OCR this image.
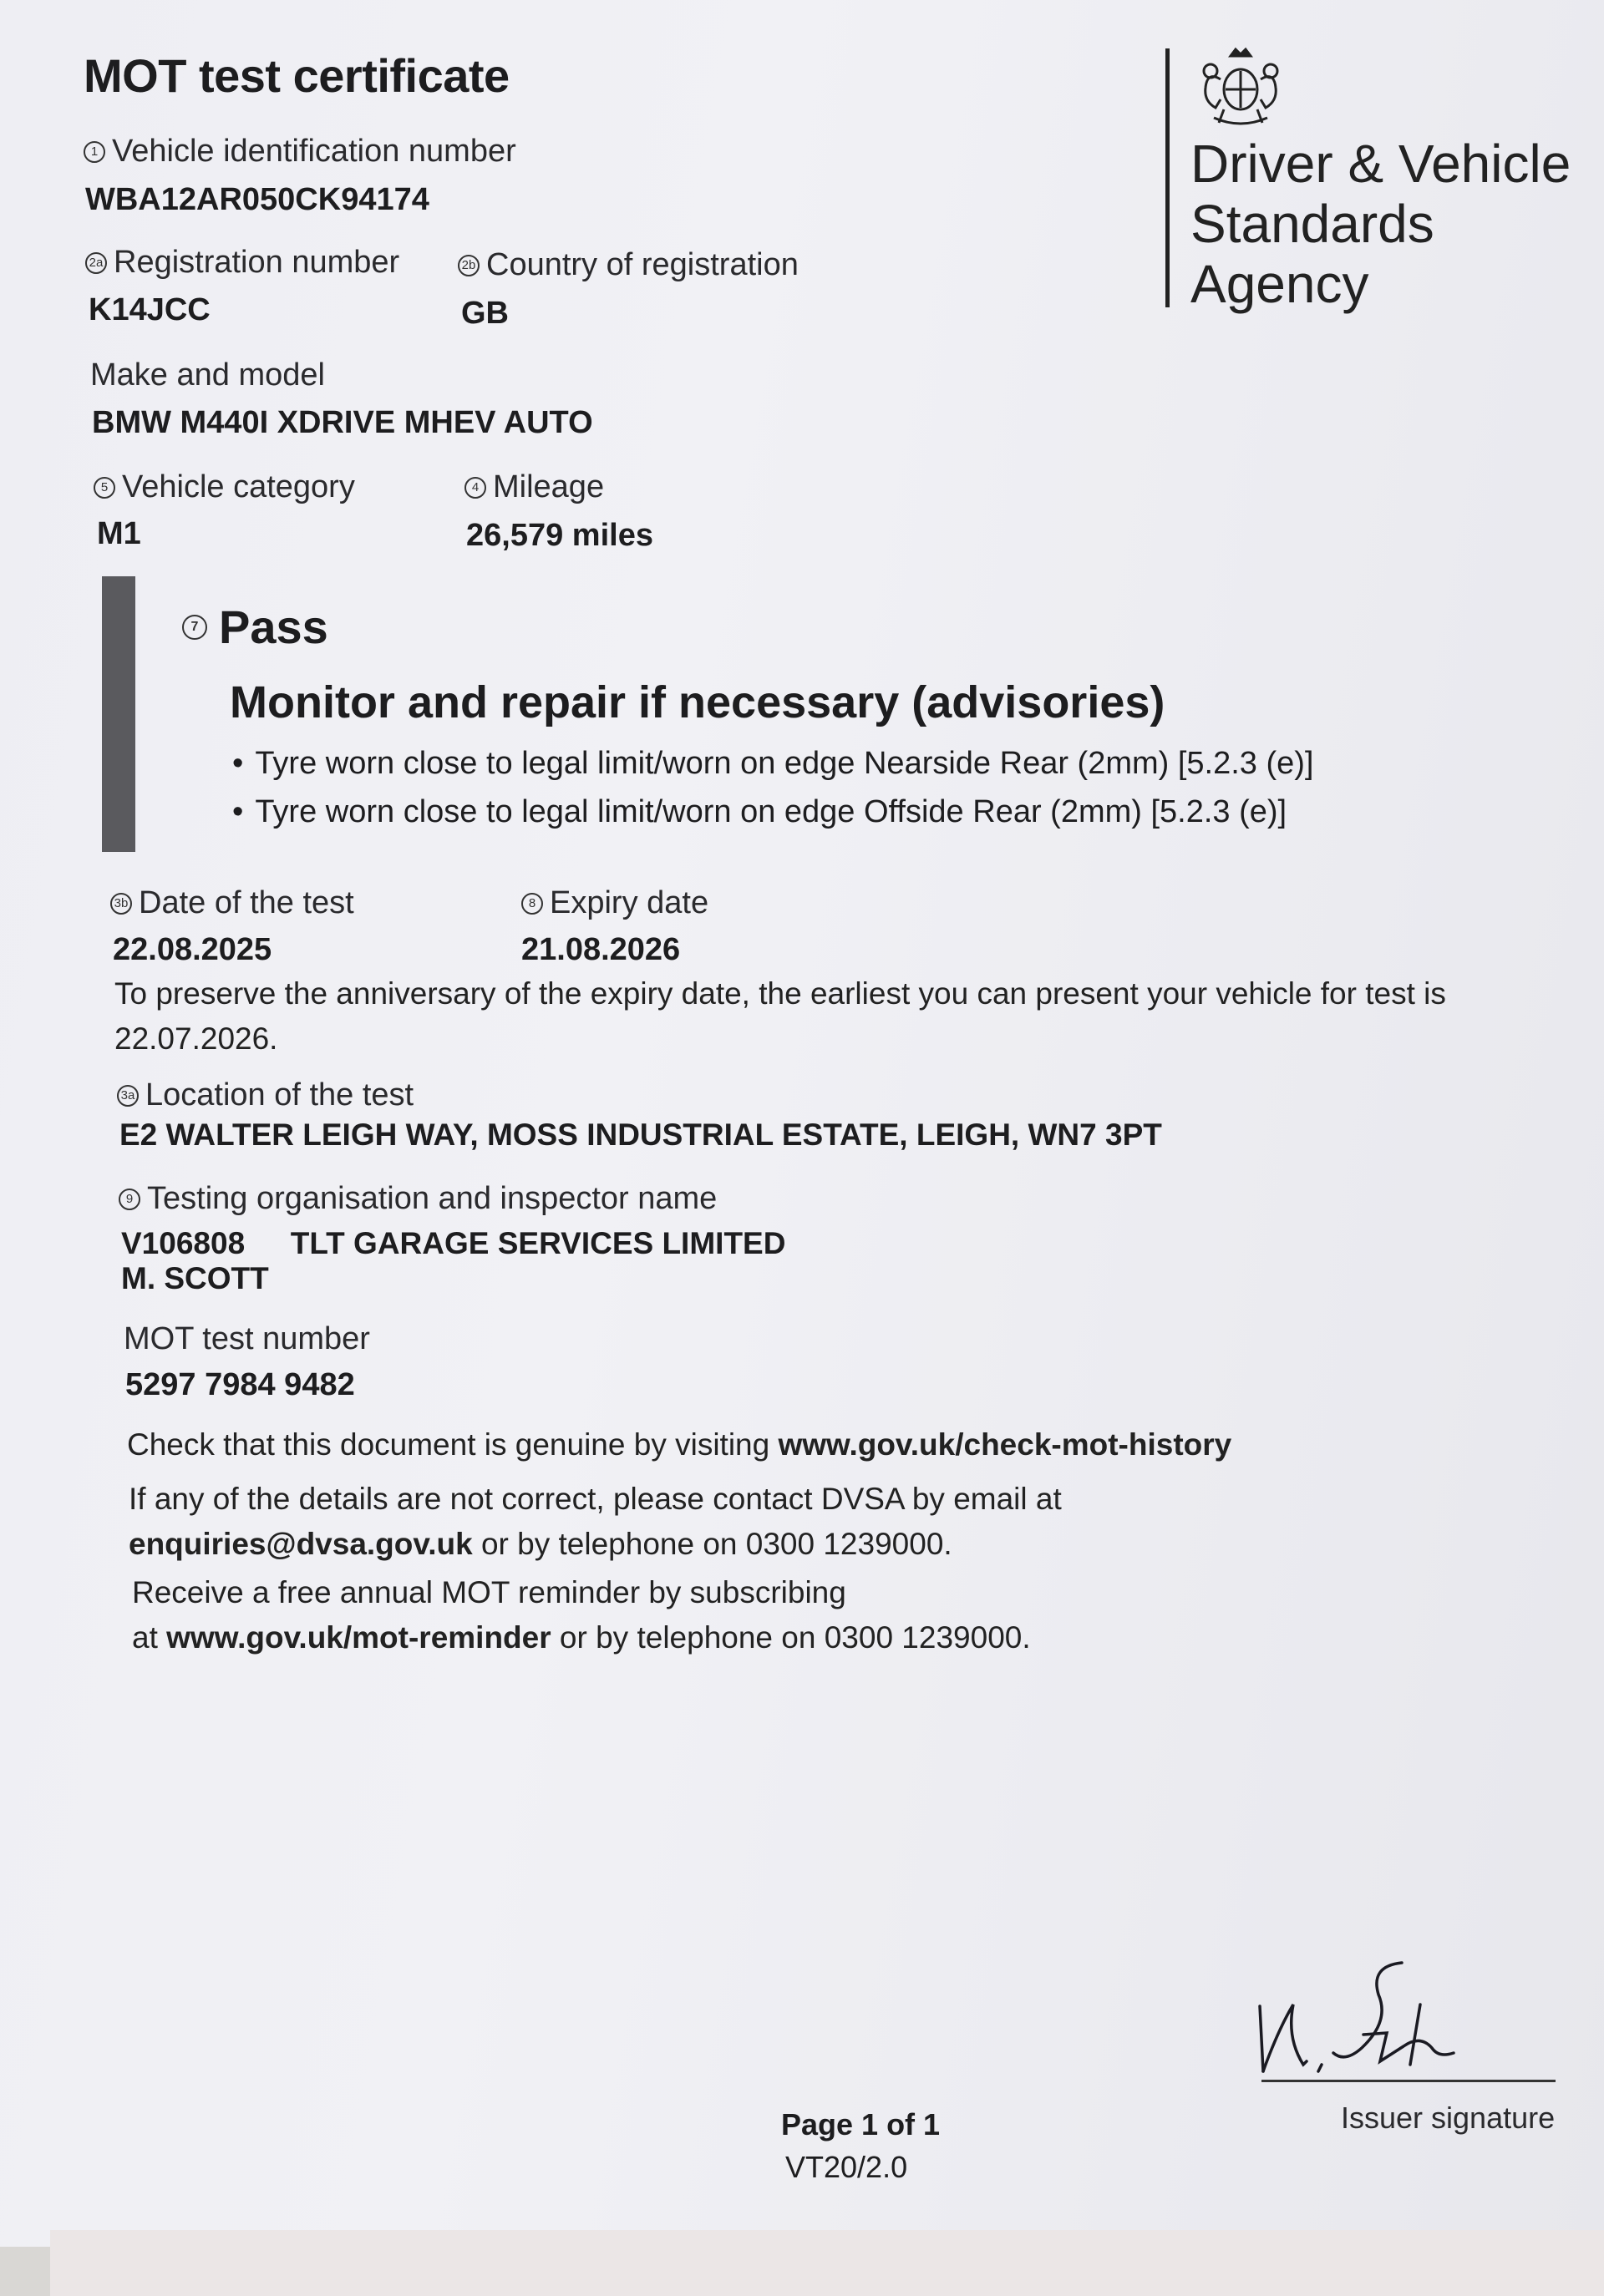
MOT test certificate
Driver & Vehicle
Standards
Agency
1 Vehicle identification number
WBA12AR050CK94174
2a Registration number
K14JCC
2b Country of registration
GB
Make and model
BMW M440I XDRIVE MHEV AUTO
5 Vehicle category
M1
4 Mileage
26,579 miles
7 Pass
Monitor and repair if necessary (advisories)
• Tyre worn close to legal limit/worn on edge Nearside Rear (2mm) [5.2.3 (e)]
• Tyre worn close to legal limit/worn on edge Offside Rear (2mm) [5.2.3 (e)]
3b Date of the test
22.08.2025
8 Expiry date
21.08.2026
To preserve the anniversary of the expiry date, the earliest you can present your vehicle for test is
22.07.2026.
3a Location of the test
E2 WALTER LEIGH WAY, MOSS INDUSTRIAL ESTATE, LEIGH, WN7 3PT
9 Testing organisation and inspector name
V106808 TLT GARAGE SERVICES LIMITED
M. SCOTT
MOT test number
5297 7984 9482
Check that this document is genuine by visiting www.gov.uk/check-mot-history
If any of the details are not correct, please contact DVSA by email at
enquiries@dvsa.gov.uk or by telephone on 0300 1239000.
Receive a free annual MOT reminder by subscribing
at www.gov.uk/mot-reminder or by telephone on 0300 1239000.
Issuer signature
Page 1 of 1
VT20/2.0
